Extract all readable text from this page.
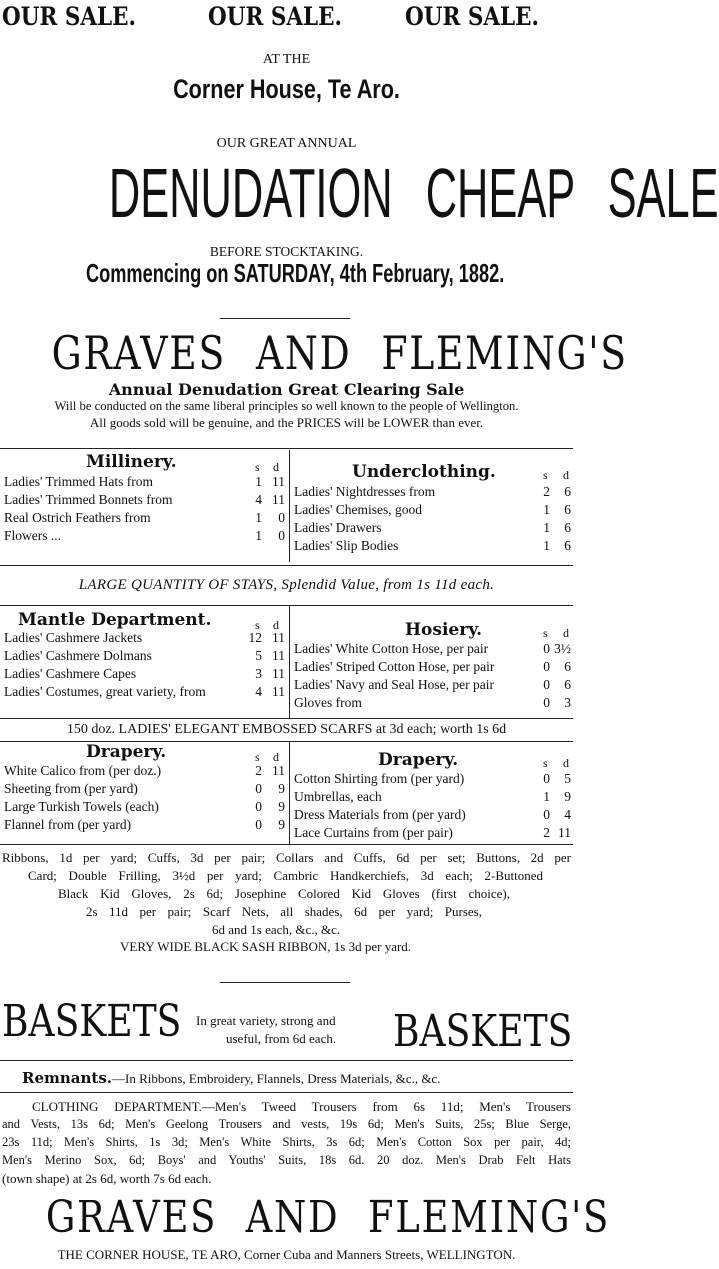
OUR SALE.	OUR SALE.	OUR SALE.
AT THE
Corner House, Te Aro.
OUR GREAT ANNUAL
DENUDATION CHEAP SALE
BEFORE STOCKTAKING.
Commencing on SATURDAY, 4th February, 1882.
GRAVES AND FLEMING'S
Annual Denudation Great Clearing Sale
Will be conducted on the same liberal principles so well known to the people of Wellington.
All goods sold will be genuine, and the PRICES will be LOWER than ever.
Millinery.	s d
Ladies' Trimmed Hats from	1 11
Ladies' Trimmed Bonnets from	4 11
Real Ostrich Feathers from	1	0
Flowers ...	1	0
Underclothing.	s d
Ladies' Nightdresses from	2	6
Ladies' Chemises, good	1	6
Ladies' Drawers	1	6
Ladies' Slip Bodies	1	6
LARGE QUANTITY OF STAYS, Splendid Value, from 1s 11d each.
Mantle Department.	s d
Ladies' Cashmere Jackets	12 11
Ladies' Cashmere Dolmans	5 11
Ladies' Cashmere Capes	3 11
Ladies' Costumes, great variety, from	4 11
Hosiery.	s d
Ladies' White Cotton Hose, per pair	0 3½
Ladies' Striped Cotton Hose, per pair	0	6
Ladies' Navy and Seal Hose, per pair	0	6
Gloves from	0	3
150 doz. LADIES' ELEGANT EMBOSSED SCARFS at 3d each; worth 1s 6d
Drapery.	s d
White Calico from (per doz.)	2 11
Sheeting from (per yard)	0	9
Large Turkish Towels (each)	0	9
Flannel from (per yard)	0	9
Drapery.	s d
Cotton Shirting from (per yard)	0	5
Umbrellas, each	1	9
Dress Materials from (per yard)	0	4
Lace Curtains from (per pair)	2 11
Ribbons, 1d per yard; Cuffs, 3d per pair; Collars and Cuffs, 6d per set; Buttons, 2d per
Card; Double Frilling, 3½d per yard; Cambric Handkerchiefs, 3d each; 2-Buttoned
Black Kid Gloves, 2s 6d; Josephine Colored Kid Gloves (first choice),
2s 11d per pair; Scarf Nets, all shades, 6d per yard; Purses,
6d and 1s each, &c., &c.
VERY WIDE BLACK SASH RIBBON, 1s 3d per yard.
BASKETS In great variety, strong and
useful, from 6d each. BASKETS
Remnants.—In Ribbons, Embroidery, Flannels, Dress Materials, &c., &c.
CLOTHING DEPARTMENT.—Men's Tweed Trousers from 6s 11d; Men's Trousers
and Vests, 13s 6d; Men's Geelong Trousers and vests, 19s 6d; Men's Suits, 25s; Blue Serge,
23s 11d; Men's Shirts, 1s 3d; Men's White Shirts, 3s 6d; Men's Cotton Sox per pair, 4d;
Men's Merino Sox, 6d; Boys' and Youths' Suits, 18s 6d. 20 doz. Men's Drab Felt Hats
(town shape) at 2s 6d, worth 7s 6d each.
GRAVES AND FLEMING'S
THE CORNER HOUSE, TE ARO, Corner Cuba and Manners Streets, WELLINGTON.
